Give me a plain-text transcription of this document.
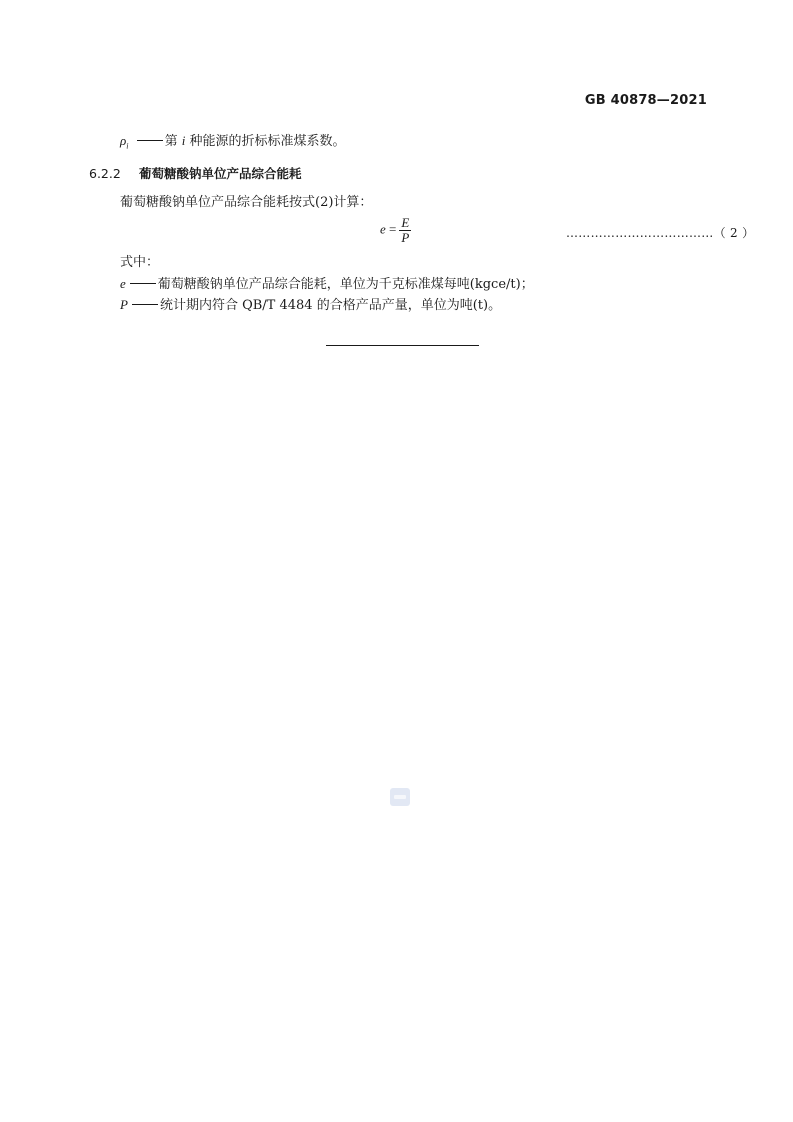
GB 40878—2021
$\rho_i$	第 i 种能源的折标标准煤系数。
6.2.2 葡萄糖酸钠单位产品综合能耗
葡萄糖酸钠单位产品综合能耗按式(2)计算：
$e = \frac{E}{P}$	………………………………（ 2 ）
式中：
e 葡萄糖酸钠单位产品综合能耗，单位为千克标准煤每吨(kgce/t)；
P 统计期内符合 QB/T 4484 的合格产品产量，单位为吨(t)。
